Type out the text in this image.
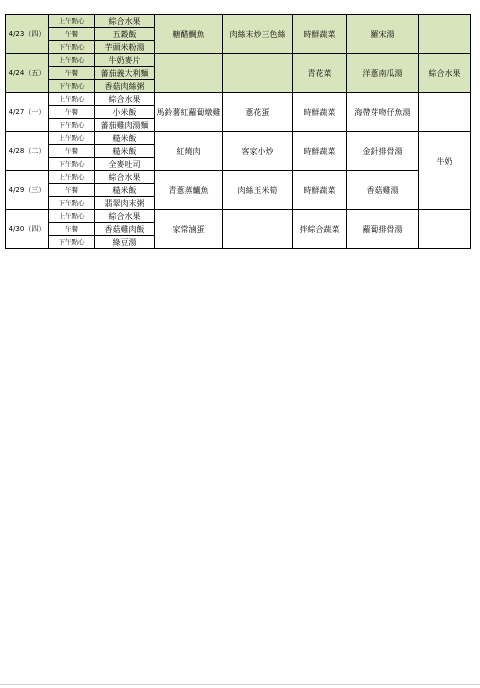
4/23（四）	上午點心	綜合水果	糖醋鯛魚	肉絲末炒三色絲	時鮮蔬菜	羅宋湯	
	午餐	五穀飯					
	下午點心	芋頭米粉湯					
4/24（五）	上午點心	牛奶麥片			青花菜	洋蔥南瓜湯	綜合水果
	午餐	蕃茄義大利麵					
	下午點心	香菇肉絲粥					
4/27（一）	上午點心	綜合水果	馬鈴薯紅蘿蔔燉雞	蔥花蛋	時鮮蔬菜	海帶芽吻仔魚湯	
	午餐	小米飯					
	下午點心	蕃茄雞肉湯麵					
4/28（二）	上午點心	糙米飯	紅燒肉	客家小炒	時鮮蔬菜	金針排骨湯	牛奶
	午餐	糙米飯					
	下午點心	全麥吐司					
4/29（三）	上午點心	綜合水果	青蔥蒸鱸魚	肉絲玉米筍	時鮮蔬菜	香菇雞湯	
	午餐	糙米飯					
	下午點心	翡翠肉末粥					
4/30（四）	上午點心	綜合水果	家常滷蛋		拌綜合蔬菜	蘿蔔排骨湯	
	午餐	香菇雞肉飯					
	下午點心	綠豆湯					
